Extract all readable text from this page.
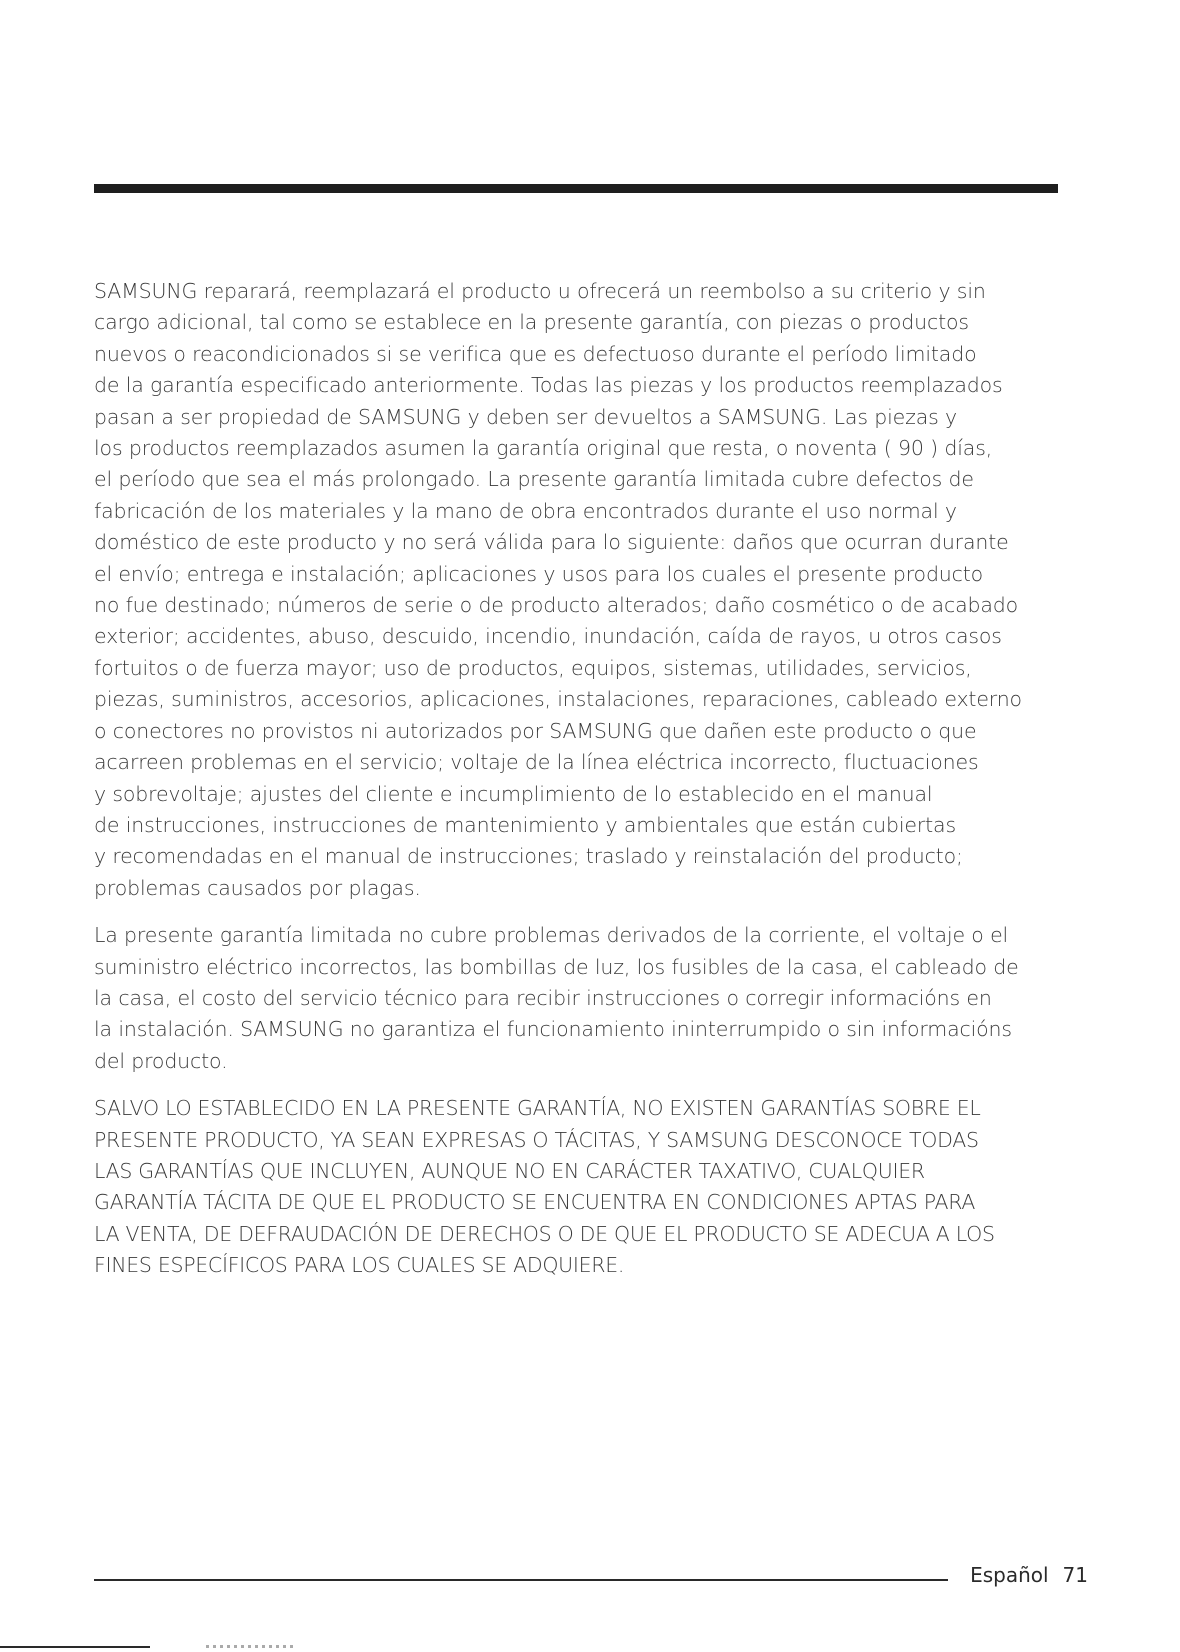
SAMSUNG reparará, reemplazará el producto u ofrecerá un reembolso a su criterio y sin
cargo adicional, tal como se establece en la presente garantía, con piezas o productos
nuevos o reacondicionados si se verifica que es defectuoso durante el período limitado
de la garantía especificado anteriormente. Todas las piezas y los productos reemplazados
pasan a ser propiedad de SAMSUNG y deben ser devueltos a SAMSUNG. Las piezas y
los productos reemplazados asumen la garantía original que resta, o noventa ( 90 ) días,
el período que sea el más prolongado. La presente garantía limitada cubre defectos de
fabricación de los materiales y la mano de obra encontrados durante el uso normal y
doméstico de este producto y no será válida para lo siguiente: daños que ocurran durante
el envío; entrega e instalación; aplicaciones y usos para los cuales el presente producto
no fue destinado; números de serie o de producto alterados; daño cosmético o de acabado
exterior; accidentes, abuso, descuido, incendio, inundación, caída de rayos, u otros casos
fortuitos o de fuerza mayor; uso de productos, equipos, sistemas, utilidades, servicios,
piezas, suministros, accesorios, aplicaciones, instalaciones, reparaciones, cableado externo
o conectores no provistos ni autorizados por SAMSUNG que dañen este producto o que
acarreen problemas en el servicio; voltaje de la línea eléctrica incorrecto, fluctuaciones
y sobrevoltaje; ajustes del cliente e incumplimiento de lo establecido en el manual
de instrucciones, instrucciones de mantenimiento y ambientales que están cubiertas
y recomendadas en el manual de instrucciones; traslado y reinstalación del producto;
problemas causados por plagas.

La presente garantía limitada no cubre problemas derivados de la corriente, el voltaje o el
suministro eléctrico incorrectos, las bombillas de luz, los fusibles de la casa, el cableado de
la casa, el costo del servicio técnico para recibir instrucciones o corregir informacións en
la instalación. SAMSUNG no garantiza el funcionamiento ininterrumpido o sin informacións
del producto.

SALVO LO ESTABLECIDO EN LA PRESENTE GARANTÍA, NO EXISTEN GARANTÍAS SOBRE EL
PRESENTE PRODUCTO, YA SEAN EXPRESAS O TÁCITAS, Y SAMSUNG DESCONOCE TODAS
LAS GARANTÍAS QUE INCLUYEN, AUNQUE NO EN CARÁCTER TAXATIVO, CUALQUIER
GARANTÍA TÁCITA DE QUE EL PRODUCTO SE ENCUENTRA EN CONDICIONES APTAS PARA
LA VENTA, DE DEFRAUDACIÓN DE DERECHOS O DE QUE EL PRODUCTO SE ADECUA A LOS
FINES ESPECÍFICOS PARA LOS CUALES SE ADQUIERE.

Español 71
